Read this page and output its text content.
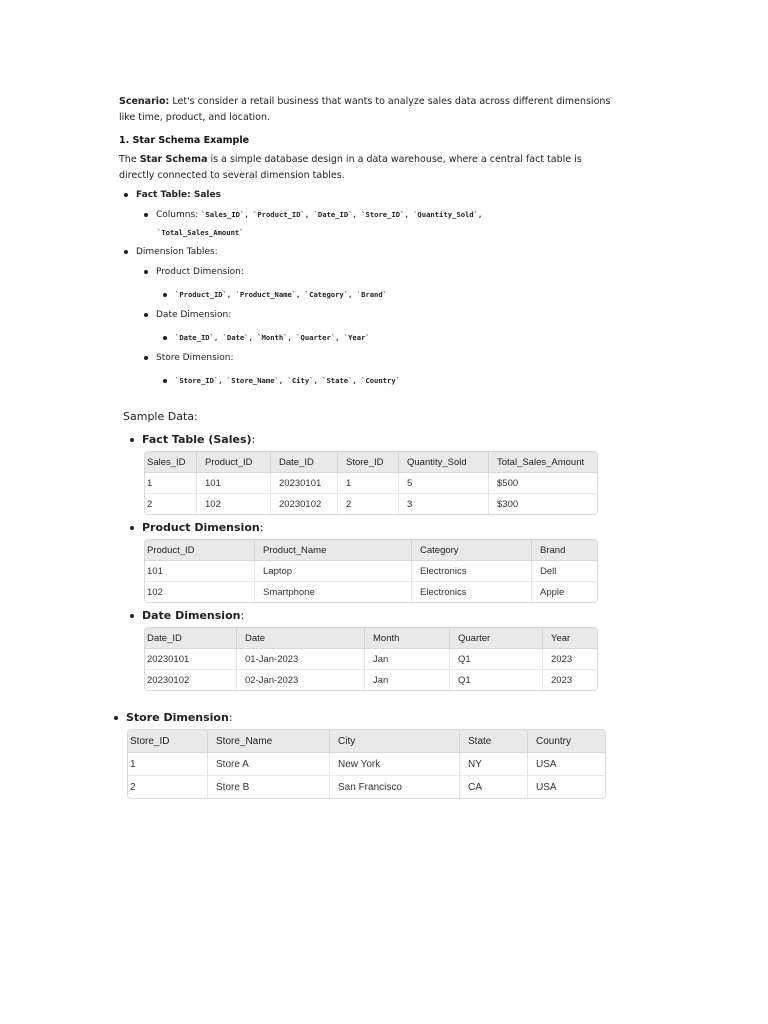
Scenario: Let's consider a retail business that wants to analyze sales data across different dimensions
like time, product, and location.
1. Star Schema Example
The Star Schema is a simple database design in a data warehouse, where a central fact table is
directly connected to several dimension tables.
Fact Table: Sales
Columns: `Sales_ID`, `Product_ID`, `Date_ID`, `Store_ID`, `Quantity_Sold`,
`Total_Sales_Amount`
Dimension Tables:
Product Dimension:
`Product_ID`, `Product_Name`, `Category`, `Brand`
Date Dimension:
`Date_ID`, `Date`, `Month`, `Quarter`, `Year`
Store Dimension:
`Store_ID`, `Store_Name`, `City`, `State`, `Country`
Sample Data:
Fact Table (Sales):
Sales_ID	Product_ID	Date_ID	Store_ID	Quantity_Sold	Total_Sales_Amount
1	101	20230101	1	5	$500
2	102	20230102	2	3	$300
Product Dimension:
Product_ID	Product_Name	Category	Brand
101	Laptop	Electronics	Dell
102	Smartphone	Electronics	Apple
Date Dimension:
Date_ID	Date	Month	Quarter	Year
20230101	01-Jan-2023	Jan	Q1	2023
20230102	02-Jan-2023	Jan	Q1	2023
Store Dimension:
Store_ID	Store_Name	City	State	Country
1	Store A	New York	NY	USA
2	Store B	San Francisco	CA	USA
